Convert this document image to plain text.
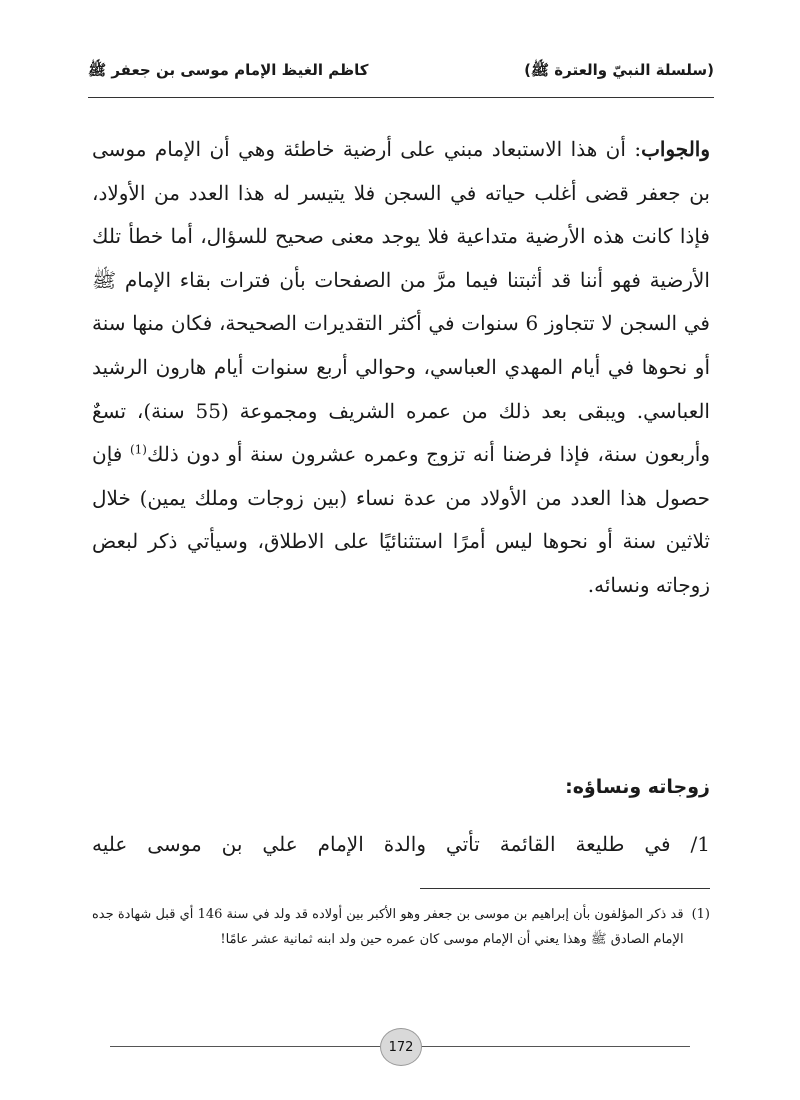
(سلسلة النبيّ والعترة ﷺ)
كاظم الغيظ الإمام موسى بن جعفر ﷺ
والجواب: أن هذا الاستبعاد مبني على أرضية خاطئة وهي أن الإمام موسى بن جعفر قضى أغلب حياته في السجن فلا يتيسر له هذا العدد من الأولاد، فإذا كانت هذه الأرضية متداعية فلا يوجد معنى صحيح للسؤال، أما خطأ تلك الأرضية فهو أننا قد أثبتنا فيما مرَّ من الصفحات بأن فترات بقاء الإمام ﷺ في السجن لا تتجاوز 6 سنوات في أكثر التقديرات الصحيحة، فكان منها سنة أو نحوها في أيام المهدي العباسي، وحوالي أربع سنوات أيام هارون الرشيد العباسي. ويبقى بعد ذلك من عمره الشريف ومجموعة (55 سنة)، تسعٌ وأربعون سنة، فإذا فرضنا أنه تزوج وعمره عشرون سنة أو دون ذلك$^{(1)}$ فإن حصول هذا العدد من الأولاد من عدة نساء (بين زوجات وملك يمين) خلال ثلاثين سنة أو نحوها ليس أمرًا استثنائيًا على الاطلاق، وسيأتي ذكر لبعض زوجاته ونسائه.
زوجاته ونساؤه:
1/ في طليعة القائمة تأتي والدة الإمام علي بن موسى عليه
(1)
قد ذكر المؤلفون بأن إبراهيم بن موسى بن جعفر وهو الأكبر بين أولاده قد ولد في سنة 146 أي قبل شهادة جده الإمام الصادق ﷺ وهذا يعني أن الإمام موسى كان عمره حين ولد ابنه ثمانية عشر عامًا!
172
